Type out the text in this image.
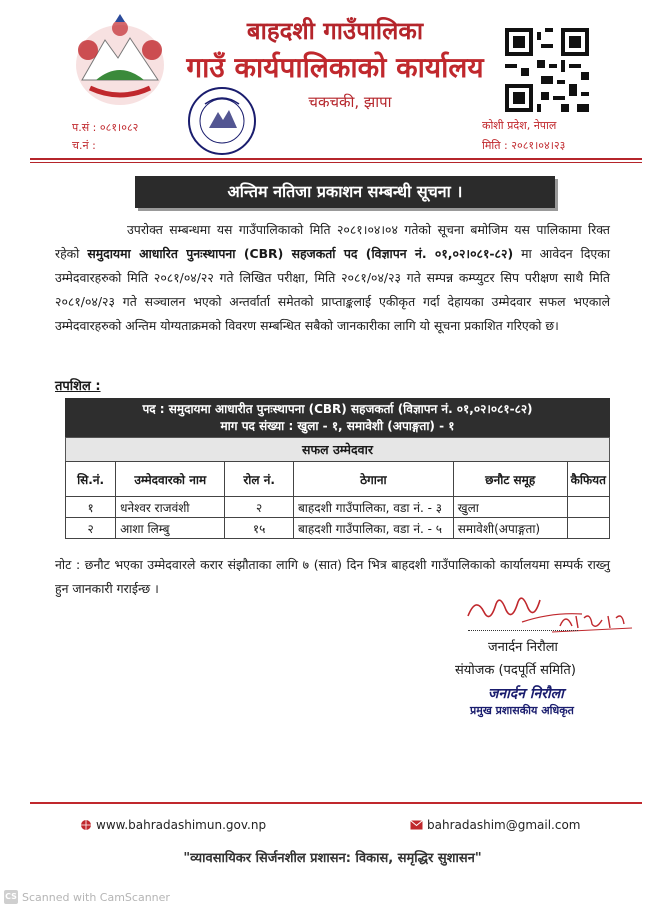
बाहदशी गाउँपालिका
गाउँ कार्यपालिकाको कार्यालय
चकचकी, झापा
प.सं : ०८१।०८२
च.नं :
कोशी प्रदेश, नेपाल
मिति : २०८१।०४।२३
अन्तिम नतिजा प्रकाशन सम्बन्धी सूचना ।
उपरोक्त सम्बन्धमा यस गाउँपालिकाको मिति २०८१।०४।०४ गतेको सूचना बमोजिम यस पालिकामा रिक्त रहेको समुदायमा आधारित पुनःस्थापना (CBR) सहजकर्ता पद (विज्ञापन नं. ०१,०२।०८१-८२) मा आवेदन दिएका उम्मेदवारहरुको मिति २०८१/०४/२२ गते लिखित परीक्षा, मिति २०८१/०४/२३ गते सम्पन्न कम्प्युटर सिप परीक्षण साथै मिति २०८१/०४/२३ गते सञ्चालन भएको अन्तर्वार्ता समेतको प्राप्ताङ्कलाई एकीकृत गर्दा देहायका उम्मेदवार सफल भएकाले उम्मेदवारहरुको अन्तिम योग्यताक्रमको विवरण सम्बन्धित सबैको जानकारीका लागि यो सूचना प्रकाशित गरिएको छ।
तपशिल :
पद : समुदायमा आधारीत पुनःस्थापना (CBR) सहजकर्ता (विज्ञापन नं. ०१,०२।०८१-८२)
माग पद संख्या : खुला - १, समावेशी (अपाङ्गता) - १
सफल उम्मेदवार
सि.नं.	उम्मेदवारको नाम	रोल नं.	ठेगाना	छनौट समूह	कैफियत
१	धनेश्वर राजवंशी	२	बाहदशी गाउँपालिका, वडा नं. - ३	खुला	
२	आशा लिम्बु	१५	बाहदशी गाउँपालिका, वडा नं. - ५	समावेशी(अपाङ्गता)	
नोट : छनौट भएका उम्मेदवारले करार संझौताका लागि ७ (सात) दिन भित्र बाहदशी गाउँपालिकाको कार्यालयमा सम्पर्क राख्नु हुन जानकारी गराईन्छ ।
जनार्दन निरौला
संयोजक (पदपूर्ति समिति)
जनार्दन निरौला
प्रमुख प्रशासकीय अधिकृत
www.bahradashimun.gov.np	bahradashim@gmail.com
"व्यावसायिकर सिर्जनशील प्रशासन: विकास, समृद्धिर सुशासन"
CS Scanned with CamScanner
